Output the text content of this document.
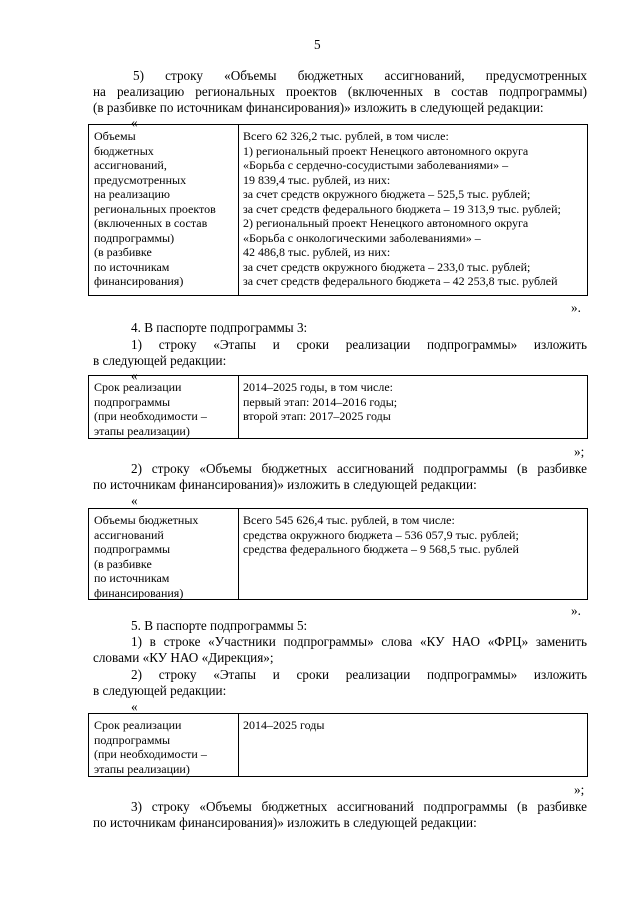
5
5) строку «Объемы бюджетных ассигнований, предусмотренных
на реализацию региональных проектов (включенных в состав подпрограммы)
(в разбивке по источникам финансирования)» изложить в следующей редакции:
«
Объемы
бюджетных
ассигнований,
предусмотренных
на реализацию
региональных проектов
(включенных в состав
подпрограммы)
(в разбивке
по источникам
финансирования)
Всего 62 326,2 тыс. рублей, в том числе:
1) региональный проект Ненецкого автономного округа
«Борьба с сердечно-сосудистыми заболеваниями» –
19 839,4 тыс. рублей, из них:
за счет средств окружного бюджета – 525,5 тыс. рублей;
за счет средств федерального бюджета – 19 313,9 тыс. рублей;
2) региональный проект Ненецкого автономного округа
«Борьба с онкологическими заболеваниями» –
42 486,8 тыс. рублей, из них:
за счет средств окружного бюджета – 233,0 тыс. рублей;
за счет средств федерального бюджета – 42 253,8 тыс. рублей
».
4. В паспорте подпрограммы 3:
1) строку «Этапы и сроки реализации подпрограммы» изложить
в следующей редакции:
«
Срок реализации
подпрограммы
(при необходимости –
этапы реализации)
2014–2025 годы, в том числе:
первый этап: 2014–2016 годы;
второй этап: 2017–2025 годы
»;
2) строку «Объемы бюджетных ассигнований подпрограммы (в разбивке
по источникам финансирования)» изложить в следующей редакции:
«
Объемы бюджетных
ассигнований
подпрограммы
(в разбивке
по источникам
финансирования)
Всего 545 626,4 тыс. рублей, в том числе:
средства окружного бюджета – 536 057,9 тыс. рублей;
средства федерального бюджета – 9 568,5 тыс. рублей
».
5. В паспорте подпрограммы 5:
1) в строке «Участники подпрограммы» слова «КУ НАО «ФРЦ» заменить
словами «КУ НАО «Дирекция»;
2) строку «Этапы и сроки реализации подпрограммы» изложить
в следующей редакции:
«
Срок реализации
подпрограммы
(при необходимости –
этапы реализации)
2014–2025 годы
»;
3) строку «Объемы бюджетных ассигнований подпрограммы (в разбивке
по источникам финансирования)» изложить в следующей редакции:
